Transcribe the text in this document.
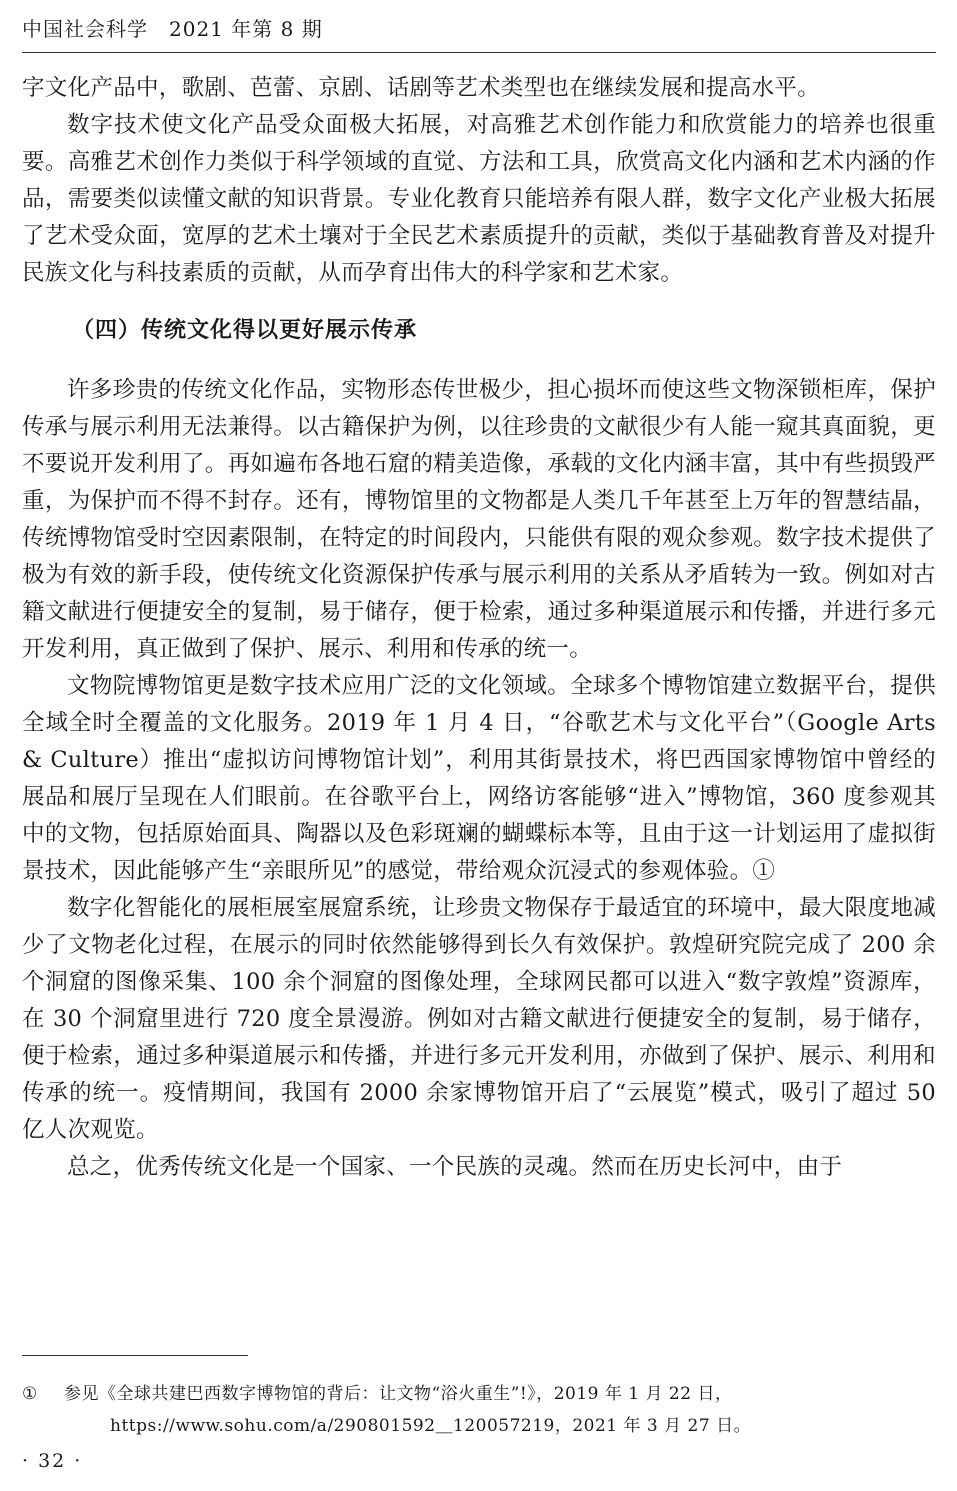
中国社会科学　2021 年第 8 期

字文化产品中，歌剧、芭蕾、京剧、话剧等艺术类型也在继续发展和提高水平。

数字技术使文化产品受众面极大拓展，对高雅艺术创作能力和欣赏能力的培养也很重要。高雅艺术创作力类似于科学领域的直觉、方法和工具，欣赏高文化内涵和艺术内涵的作品，需要类似读懂文献的知识背景。专业化教育只能培养有限人群，数字文化产业极大拓展了艺术受众面，宽厚的艺术土壤对于全民艺术素质提升的贡献，类似于基础教育普及对提升民族文化与科技素质的贡献，从而孕育出伟大的科学家和艺术家。

（四）传统文化得以更好展示传承

许多珍贵的传统文化作品，实物形态传世极少，担心损坏而使这些文物深锁柜库，保护传承与展示利用无法兼得。以古籍保护为例，以往珍贵的文献很少有人能一窥其真面貌，更不要说开发利用了。再如遍布各地石窟的精美造像，承载的文化内涵丰富，其中有些损毁严重，为保护而不得不封存。还有，博物馆里的文物都是人类几千年甚至上万年的智慧结晶，传统博物馆受时空因素限制，在特定的时间段内，只能供有限的观众参观。数字技术提供了极为有效的新手段，使传统文化资源保护传承与展示利用的关系从矛盾转为一致。例如对古籍文献进行便捷安全的复制，易于储存，便于检索，通过多种渠道展示和传播，并进行多元开发利用，真正做到了保护、展示、利用和传承的统一。

文物院博物馆更是数字技术应用广泛的文化领域。全球多个博物馆建立数据平台，提供全域全时全覆盖的文化服务。2019 年 1 月 4 日，“谷歌艺术与文化平台”（Google Arts & Culture）推出“虚拟访问博物馆计划”，利用其街景技术，将巴西国家博物馆中曾经的展品和展厅呈现在人们眼前。在谷歌平台上，网络访客能够“进入”博物馆，360 度参观其中的文物，包括原始面具、陶器以及色彩斑斓的蝴蝶标本等，且由于这一计划运用了虚拟街景技术，因此能够产生“亲眼所见”的感觉，带给观众沉浸式的参观体验。①

数字化智能化的展柜展室展窟系统，让珍贵文物保存于最适宜的环境中，最大限度地减少了文物老化过程，在展示的同时依然能够得到长久有效保护。敦煌研究院完成了 200 余个洞窟的图像采集、100 余个洞窟的图像处理，全球网民都可以进入“数字敦煌”资源库，在 30 个洞窟里进行 720 度全景漫游。例如对古籍文献进行便捷安全的复制，易于储存，便于检索，通过多种渠道展示和传播，并进行多元开发利用，亦做到了保护、展示、利用和传承的统一。疫情期间，我国有 2000 余家博物馆开启了“云展览”模式，吸引了超过 50 亿人次观览。

总之，优秀传统文化是一个国家、一个民族的灵魂。然而在历史长河中，由于

① 参见《全球共建巴西数字博物馆的背后：让文物“浴火重生”!》，2019 年 1 月 22 日，
https://www.sohu.com/a/290801592＿120057219，2021 年 3 月 27 日。
· 32 ·
